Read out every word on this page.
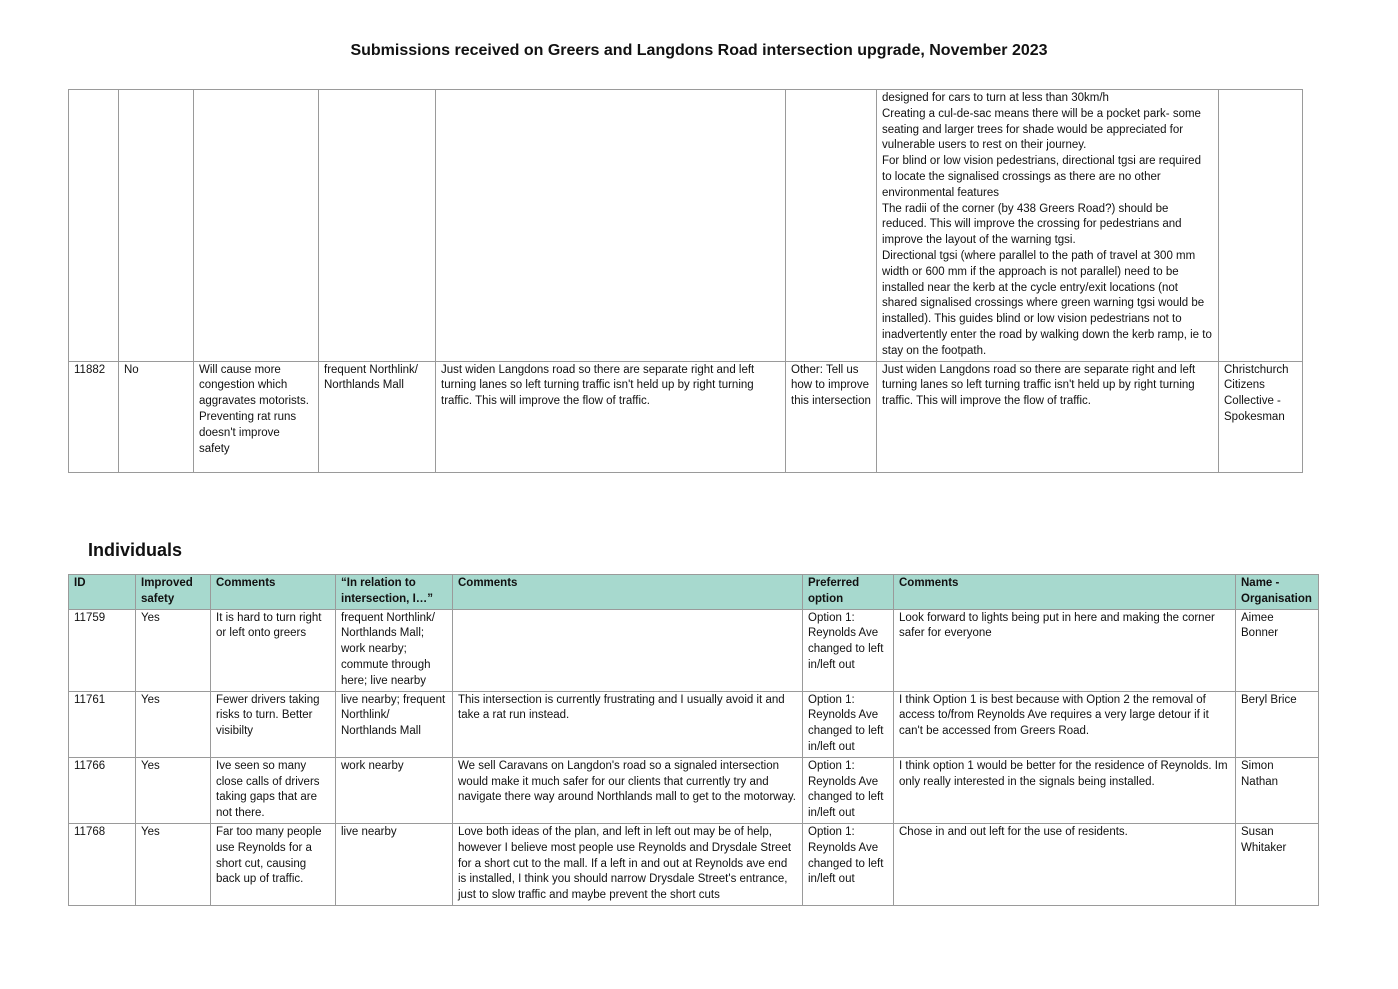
Submissions received on Greers and Langdons Road intersection upgrade, November 2023

						designed for cars to turn at less than 30km/h
Creating a cul-de-sac means there will be a pocket park- some seating and larger trees for shade would be appreciated for vulnerable users to rest on their journey.
For blind or low vision pedestrians, directional tgsi are required to locate the signalised crossings as there are no other environmental features
The radii of the corner (by 438 Greers Road?) should be reduced. This will improve the crossing for pedestrians and improve the layout of the warning tgsi.
Directional tgsi (where parallel to the path of travel at 300 mm width or 600 mm if the approach is not parallel) need to be installed near the kerb at the cycle entry/exit locations (not shared signalised crossings where green warning tgsi would be installed). This guides blind or low vision pedestrians not to inadvertently enter the road by walking down the kerb ramp, ie to stay on the footpath.	

11882	No	Will cause more congestion which aggravates motorists. Preventing rat runs doesn't improve safety	frequent Northlink/ Northlands Mall	Just widen Langdons road so there are separate right and left turning lanes so left turning traffic isn't held up by right turning traffic. This will improve the flow of traffic.	Other: Tell us how to improve this intersection	Just widen Langdons road so there are separate right and left turning lanes so left turning traffic isn't held up by right turning traffic. This will improve the flow of traffic.	Christchurch Citizens Collective - Spokesman
Individuals
ID	Improved safety	Comments	“In relation to intersection, I…”	Comments	Preferred option	Comments	Name - Organisation
11759	Yes	It is hard to turn right or left onto greers	frequent Northlink/ Northlands Mall; work nearby; commute through here; live nearby		Option 1: Reynolds Ave changed to left in/left out	Look forward to lights being put in here and making the corner safer for everyone	Aimee Bonner
11761	Yes	Fewer drivers taking risks to turn. Better visibilty	live nearby; frequent Northlink/ Northlands Mall	This intersection is currently frustrating and I usually avoid it and take a rat run instead.	Option 1: Reynolds Ave changed to left in/left out	I think Option 1 is best because with Option 2 the removal of access to/from Reynolds Ave requires a very large detour if it can't be accessed from Greers Road.	Beryl Brice
11766	Yes	Ive seen so many close calls of drivers taking gaps that are not there.	work nearby	We sell Caravans on Langdon's road so a signaled intersection would make it much safer for our clients that currently try and navigate there way around Northlands mall to get to the motorway.	Option 1: Reynolds Ave changed to left in/left out	I think option 1 would be better for the residence of Reynolds. Im only really interested in the signals being installed.	Simon Nathan
11768	Yes	Far too many people use Reynolds for a short cut, causing back up of traffic.	live nearby	Love both ideas of the plan, and left in left out may be of help, however I believe most people use Reynolds and Drysdale Street for a short cut to the mall. If a left in and out at Reynolds ave end is installed, I think you should narrow Drysdale Street's entrance, just to slow traffic and maybe prevent the short cuts	Option 1: Reynolds Ave changed to left in/left out	Chose in and out left for the use of residents.	Susan Whitaker
